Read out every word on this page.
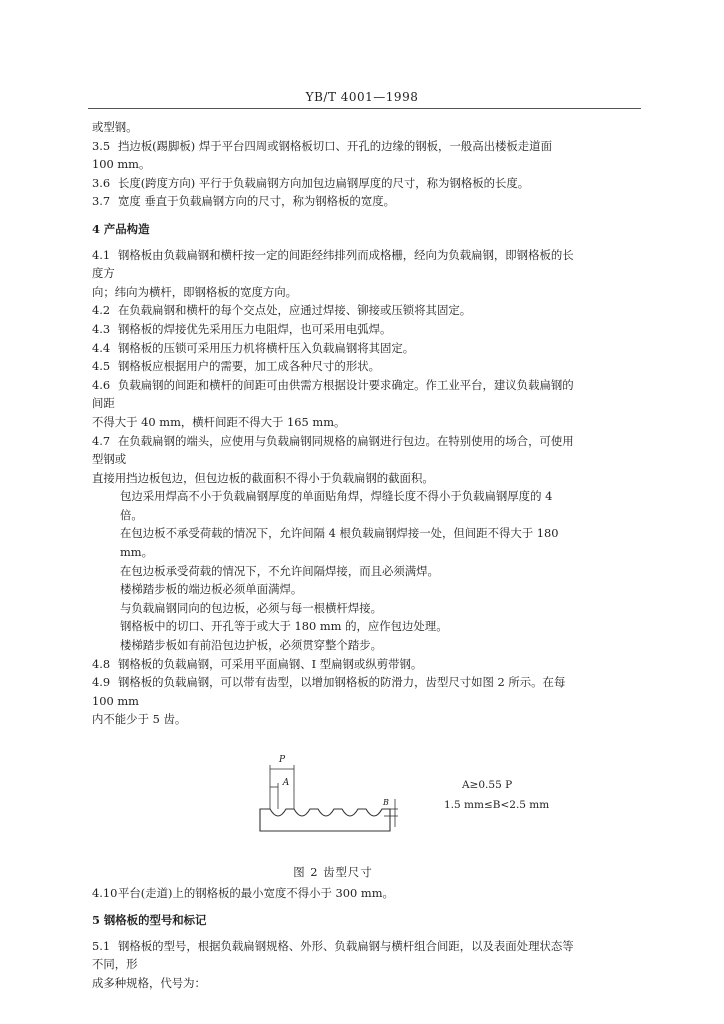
YB/T 4001—1998

或型钢。

3.5 挡边板(踢脚板) 焊于平台四周或钢格板切口、开孔的边缘的钢板，一般高出楼板走道面

100 mm。

3.6 长度(跨度方向) 平行于负载扁钢方向加包边扁钢厚度的尺寸，称为钢格板的长度。

3.7 宽度 垂直于负载扁钢方向的尺寸，称为钢格板的宽度。

4 产品构造

4.1 钢格板由负载扁钢和横杆按一定的间距经纬排列而成格栅，经向为负载扁钢，即钢格板的长度方

向；纬向为横杆，即钢格板的宽度方向。

4.2 在负载扁钢和横杆的每个交点处，应通过焊接、铆接或压锁将其固定。

4.3 钢格板的焊接优先采用压力电阻焊，也可采用电弧焊。

4.4 钢格板的压锁可采用压力机将横杆压入负载扁钢将其固定。

4.5 钢格板应根据用户的需要，加工成各种尺寸的形状。

4.6 负载扁钢的间距和横杆的间距可由供需方根据设计要求确定。作工业平台，建议负载扁钢的间距

不得大于 40 mm，横杆间距不得大于 165 mm。

4.7 在负载扁钢的端头，应使用与负载扁钢同规格的扁钢进行包边。在特别使用的场合，可使用型钢或

直接用挡边板包边，但包边板的截面积不得小于负载扁钢的截面积。

包边采用焊高不小于负载扁钢厚度的单面贴角焊，焊缝长度不得小于负载扁钢厚度的 4 倍。

在包边板不承受荷载的情况下，允许间隔 4 根负载扁钢焊接一处，但间距不得大于 180 mm。

在包边板承受荷载的情况下，不允许间隔焊接，而且必须满焊。

楼梯踏步板的端边板必须单面满焊。

与负载扁钢同向的包边板，必须与每一根横杆焊接。

钢格板中的切口、开孔等于或大于 180 mm 的，应作包边处理。

楼梯踏步板如有前沿包边护板，必须贯穿整个踏步。

4.8 钢格板的负载扁钢，可采用平面扁钢、I 型扁钢或纵剪带钢。

4.9 钢格板的负载扁钢，可以带有齿型，以增加钢格板的防滑力，齿型尺寸如图 2 所示。在每 100 mm

内不能少于 5 齿。

P
A
B
A≥0.55 P
1.5 mm≤B<2.5 mm

图 2 齿型尺寸

4.10平台(走道)上的钢格板的最小宽度不得小于 300 mm。

5 钢格板的型号和标记

5.1 钢格板的型号，根据负载扁钢规格、外形、负载扁钢与横杆组合间距，以及表面处理状态等不同，形

成多种规格，代号为：
